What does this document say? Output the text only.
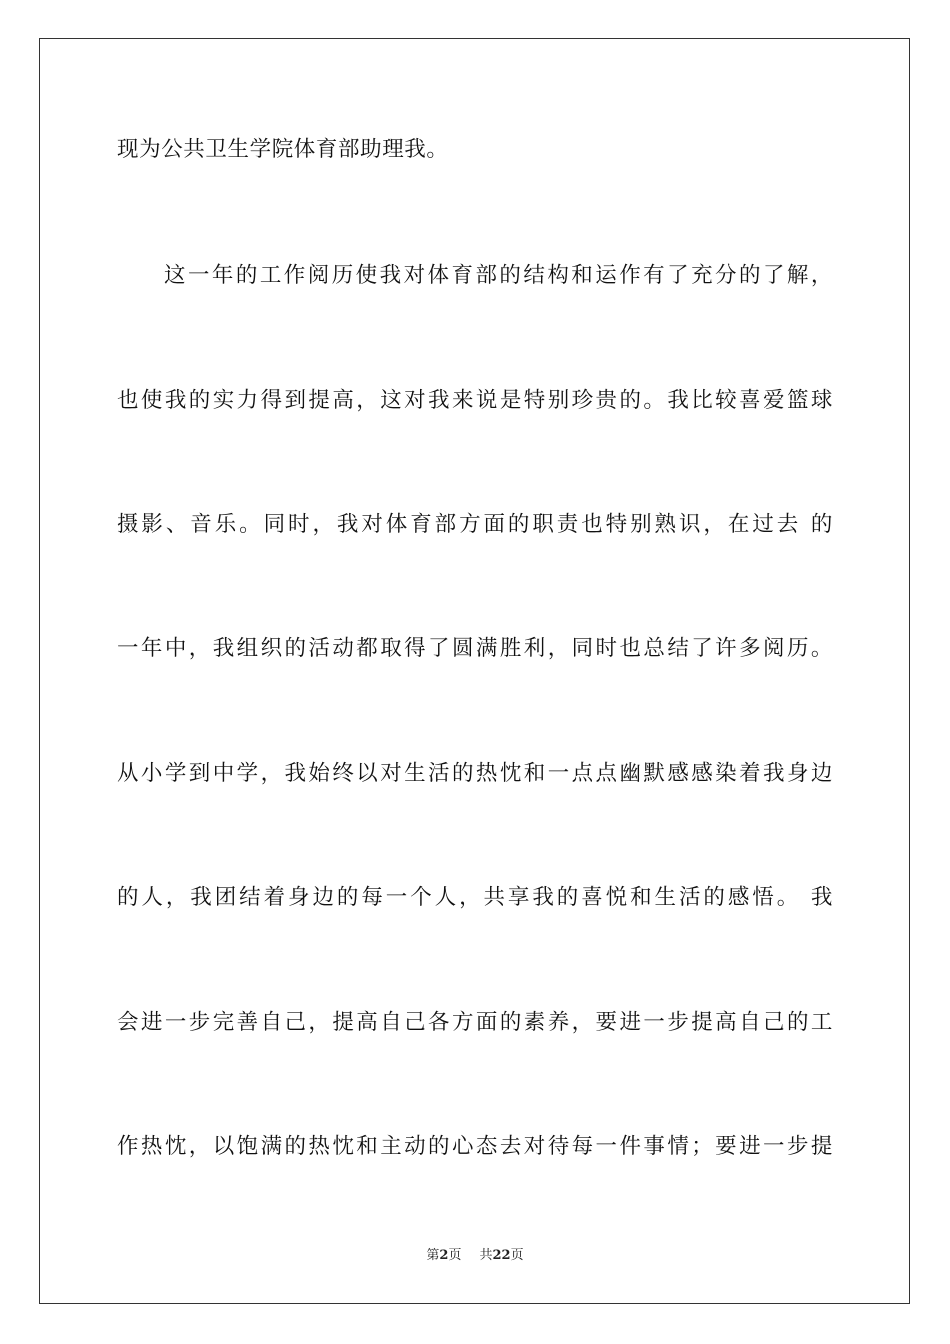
现为公共卫生学院体育部助理我。
这一年的工作阅历使我对体育部的结构和运作有了充分的了解，
也使我的实力得到提高，这对我来说是特别珍贵的。我比较喜爱篮球
摄影、音乐。同时，我对体育部方面的职责也特别熟识，在过去 的
一年中，我组织的活动都取得了圆满胜利，同时也总结了许多阅历。
从小学到中学，我始终以对生活的热忱和一点点幽默感感染着我身边
的人，我团结着身边的每一个人，共享我的喜悦和生活的感悟。 我
会进一步完善自己，提高自己各方面的素养，要进一步提高自己的工
作热忱，以饱满的热忱和主动的心态去对待每一件事情；要进一步提
第2页 共22页
